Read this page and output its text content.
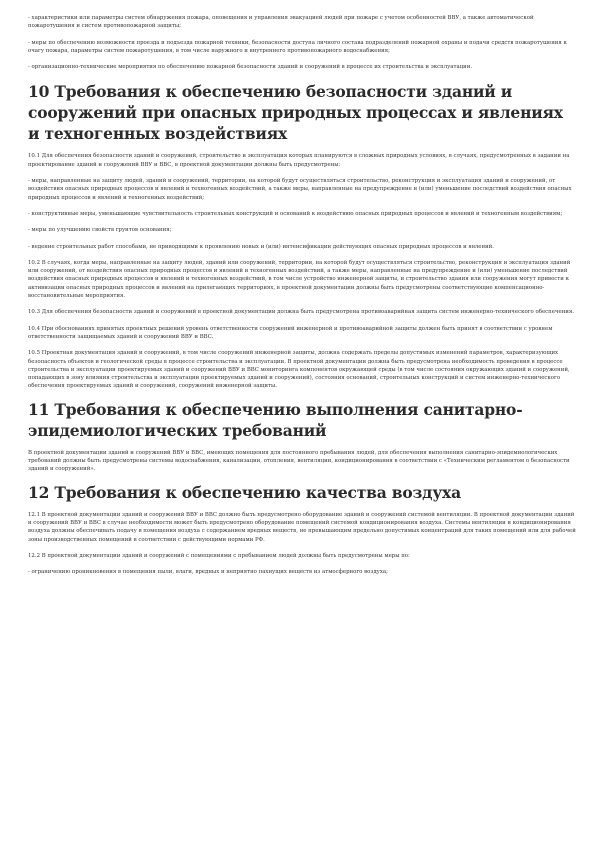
- характеристики или параметры систем обнаружения пожара, оповещения и управления эвакуацией людей при пожаре с учетом особенностей ВВУ, а также автоматической пожаротушения и систем противопожарной защиты;

- меры по обеспечению возможности проезда и подъезда пожарной техники, безопасности доступа личного состава подразделений пожарной охраны и подачи средств пожаротушения к очагу пожара, параметры систем пожаротушения, в том числе наружного и внутреннего противопожарного водоснабжения;

- организационно-технические мероприятия по обеспечению пожарной безопасности зданий и сооружений в процессе их строительства и эксплуатации.

10 Требования к обеспечению безопасности зданий и сооружений при опасных природных процессах и явлениях и техногенных воздействиях

10.1 Для обеспечения безопасности зданий и сооружений, строительство и эксплуатация которых планируются в сложных природных условиях, в случаях, предусмотренных в задании на проектирование зданий и сооружений ВВУ и ВВС, в проектной документации должны быть предусмотрены:

- меры, направленные на защиту людей, зданий и сооружений, территории, на которой будут осуществляться строительство, реконструкция и эксплуатация зданий и сооружений, от воздействия опасных природных процессов и явлений и техногенных воздействий, а также меры, направленные на предупреждение и (или) уменьшение последствий воздействия опасных природных процессов и явлений и техногенных воздействий;

- конструктивные меры, уменьшающие чувствительность строительных конструкций и оснований к воздействию опасных природных процессов и явлений и техногенным воздействиям;

- меры по улучшению свойств грунтов основания;

- ведение строительных работ способами, не приводящими к проявлению новых и (или) интенсификации действующих опасных природных процессов и явлений.

10.2 В случаях, когда меры, направленные на защиту людей, зданий или сооружений, территории, на которой будут осуществляться строительство, реконструкция и эксплуатация зданий или сооружений, от воздействия опасных природных процессов и явлений и техногенных воздействий, а также меры, направленные на предупреждение и (или) уменьшение последствий воздействия опасных природных процессов и явлений и техногенных воздействий, в том числе устройство инженерной защиты, и строительство здания или сооружения могут привести к активизации опасных природных процессов и явлений на прилегающих территориях, в проектной документации должны быть предусмотрены соответствующие компенсационно-восстановительные мероприятия.

10.3 Для обеспечения безопасности зданий и сооружений в проектной документации должна быть предусмотрена противоаварийная защита систем инженерно-технического обеспечения.

10.4 При обоснованиях принятых проектных решений уровень ответственности сооружений инженерной и противоаварийной защиты должен быть принят в соответствии с уровнем ответственности защищаемых зданий и сооружений ВВУ и ВВС.

10.5 Проектная документация зданий и сооружений, в том числе сооружений инженерной защиты, должна содержать пределы допустимых изменений параметров, характеризующих безопасность объектов и геологической среды в процессе строительства и эксплуатации. В проектной документации должна быть предусмотрена необходимость проведения в процессе строительства и эксплуатации проектируемых зданий и сооружений ВВУ и ВВС мониторинга компонентов окружающей среды (в том числе состояния окружающих зданий и сооружений, попадающих в зону влияния строительства и эксплуатации проектируемых зданий и сооружений), состояния оснований, строительных конструкций и систем инженерно-технического обеспечения проектируемых зданий и сооружений, сооружений инженерной защиты.

11 Требования к обеспечению выполнения санитарно-эпидемиологических требований

В проектной документации зданий и сооружений ВВУ и ВВС, имеющих помещения для постоянного пребывания людей, для обеспечения выполнения санитарно-эпидемиологических требований должны быть предусмотрены системы водоснабжения, канализации, отопления, вентиляции, кондиционирования в соответствии с «Техническим регламентом о безопасности зданий и сооружений».

12 Требования к обеспечению качества воздуха

12.1 В проектной документации зданий и сооружений ВВУ и ВВС должно быть предусмотрено оборудование зданий и сооружений системой вентиляции. В проектной документации зданий и сооружений ВВУ и ВВС в случае необходимости может быть предусмотрено оборудование помещений системой кондиционирования воздуха. Системы вентиляции и кондиционирования воздуха должны обеспечивать подачу в помещения воздуха с содержанием вредных веществ, не превышающим предельно допустимых концентраций для таких помещений или для рабочей зоны производственных помещений в соответствии с действующими нормами РФ.

12.2 В проектной документации зданий и сооружений с помещениями с пребыванием людей должны быть предусмотрены меры по:

- ограничению проникновения в помещения пыли, влаги, вредных и неприятно пахнущих веществ из атмосферного воздуха;
